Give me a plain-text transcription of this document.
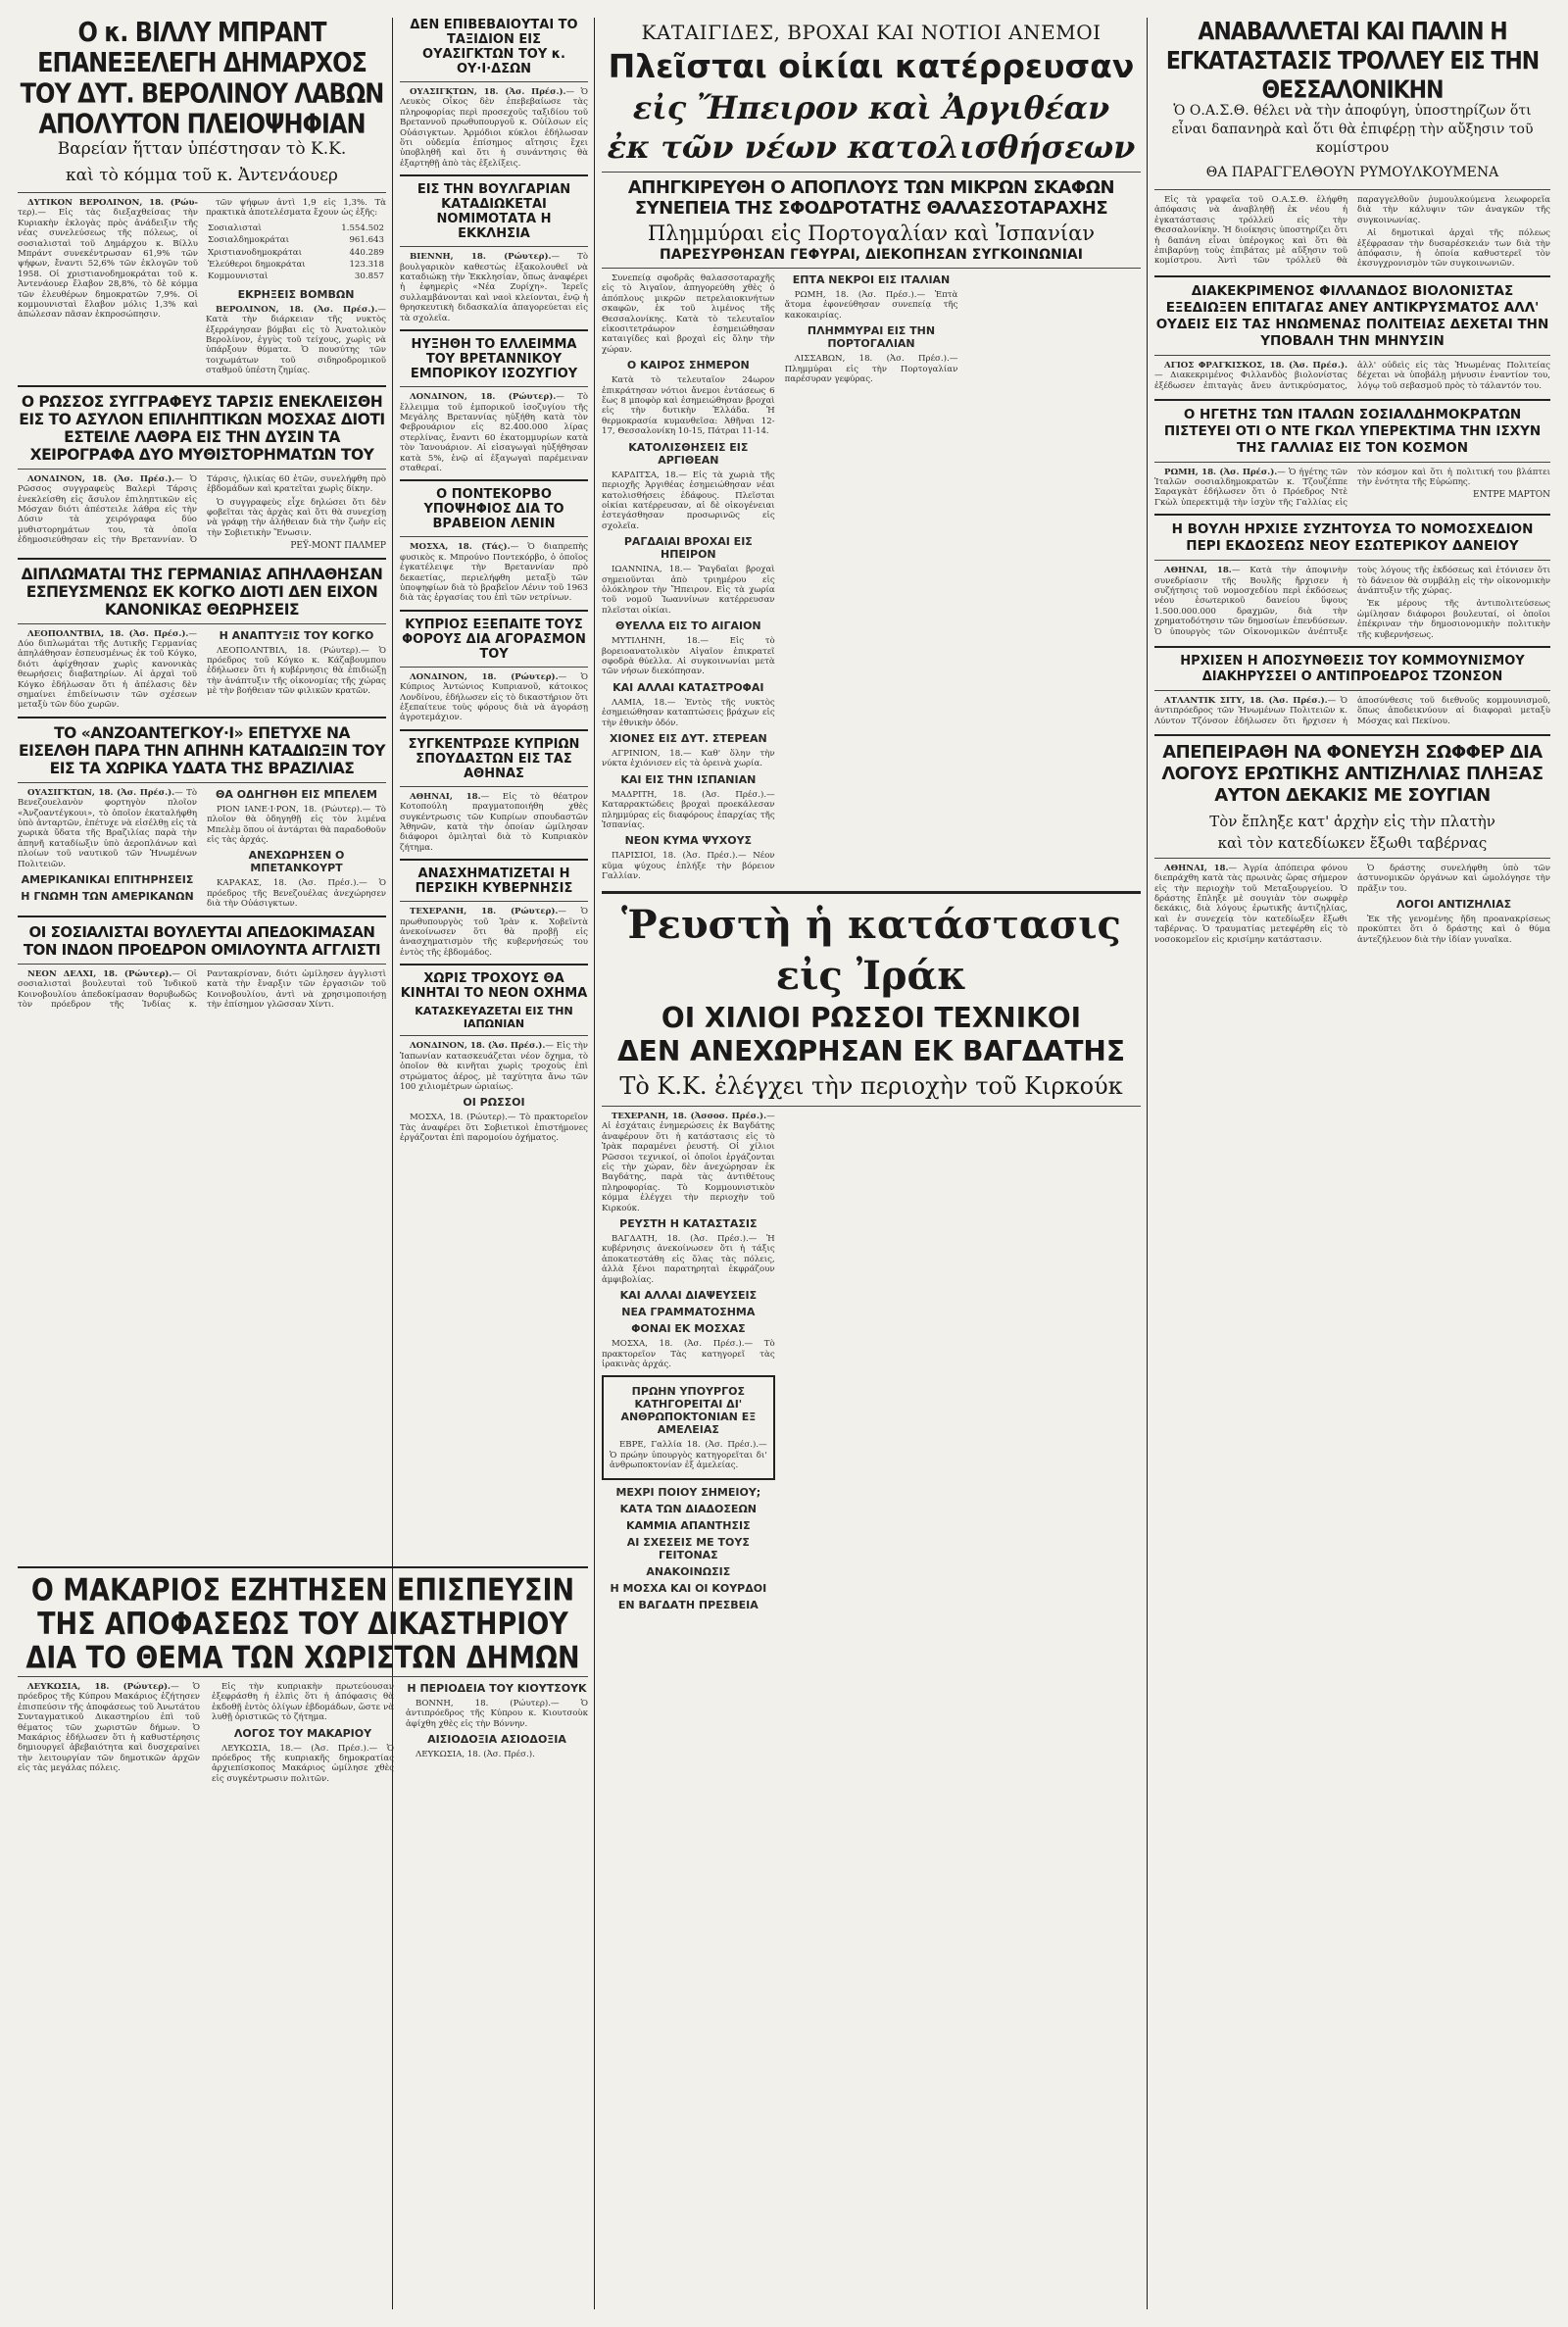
Ο κ. ΒΙΛΛΥ ΜΠΡΑΝΤ ΕΠΑΝΕΞΕΛΕΓΗ ΔΗΜΑΡΧΟΣ ΤΟΥ ΔΥΤ. ΒΕΡΟΛΙΝΟΥ ΛΑΒΩΝ ΑΠΟΛΥΤΟΝ ΠΛΕΙΟΨΗΦΙΑΝ
Βαρείαν ἥτταν ὑπέστησαν τὸ Κ.Κ.
καὶ τὸ κόμμα τοῦ κ. Ἀντενάουερ

ΔΥΤΙΚΟΝ ΒΕΡΟΛΙΝΟΝ, 18. (Ρώυ-τερ).— Εἰς τὰς διεξαχθείσας τὴν Κυριακὴν ἐκλογὰς πρὸς ἀνάδειξιν τῆς νέας συνελεύσεως τῆς πόλεως, οἱ σοσιαλισταὶ τοῦ Δημάρχου κ. Βίλλυ Μπράντ συνεκέντρωσαν 61,9% τῶν ψήφων, ἔναντι 52,6% τῶν ἐκλογῶν τοῦ 1958. Οἱ χριστιανοδημοκράται τοῦ κ. Ἀντενάουερ ἔλαβον 28,8%, τὸ δὲ κόμμα τῶν ἐλευθέρων δημοκρατῶν 7,9%. Οἱ κομμουνισταὶ ἔλαβον μόλις 1,3% καὶ ἀπώλεσαν πᾶσαν ἐκπροσώπησιν.

τῶν ψήφων ἀντὶ 1,9 εἰς 1,3%. Τὰ πρακτικὰ ἀποτελέσματα ἔχουν ὡς ἑξῆς:

Σοσιαλισταὶ	1.554.502
Σοσιαλδημοκράται	961.643
Χριστιανοδημοκράται	440.289
Ἐλεύθεροι δημοκράται	123.318
Κομμουνισταὶ	30.857
ΕΚΡΗΞΕΙΣ ΒΟΜΒΩΝ

ΒΕΡΟΛΙΝΟΝ, 18. (Ἀσ. Πρέσ.).— Κατὰ τὴν διάρκειαν τῆς νυκτὸς ἐξερράγησαν βόμβαι εἰς τὸ Ἀνατολικὸν Βερολίνον, ἐγγὺς τοῦ τείχους, χωρὶς νὰ ὑπάρξουν θύματα. Ὁ πουσύτης τῶν τοιχωμάτων τοῦ σιδηροδρομικοῦ σταθμοῦ ὑπέστη ζημίας.

Ο ΡΩΣΣΟΣ ΣΥΓΓΡΑΦΕΥΣ ΤΑΡΣΙΣ ΕΝΕΚΛΕΙΣΘΗ ΕΙΣ ΤΟ ΑΣΥΛΟΝ ΕΠΙΛΗΠΤΙΚΩΝ ΜΟΣΧΑΣ ΔΙΟΤΙ ΕΣΤΕΙΛΕ ΛΑΘΡΑ ΕΙΣ ΤΗΝ ΔΥΣΙΝ ΤΑ ΧΕΙΡΟΓΡΑΦΑ ΔΥΟ ΜΥΘΙΣΤΟΡΗΜΑΤΩΝ ΤΟΥ

ΛΟΝΔΙΝΟΝ, 18. (Ἀσ. Πρέσ.).— Ὁ Ρῶσσος συγγραφεὺς Βαλερὶ Τάρσις ἐνεκλείσθη εἰς ἄσυλον ἐπιληπτικῶν εἰς Μόσχαν διότι ἀπέστειλε λάθρα εἰς τὴν Δύσιν τὰ χειρόγραφα δύο μυθιστορημάτων του, τὰ ὁποῖα ἐδημοσιεύθησαν εἰς τὴν Βρεταννίαν. Ὁ Τάρσις, ἡλικίας 60 ἐτῶν, συνελήφθη πρὸ ἑβδομάδων καὶ κρατεῖται χωρὶς δίκην.

Ὁ συγγραφεὺς εἶχε δηλώσει ὅτι δὲν φοβεῖται τὰς ἀρχὰς καὶ ὅτι θὰ συνεχίσῃ νὰ γράφῃ τὴν ἀλήθειαν διὰ τὴν ζωὴν εἰς τὴν Σοβιετικὴν Ἕνωσιν.

ΡΕΫ-ΜΟΝΤ ΠΑΛΜΕΡ
ΔΙΠΛΩΜΑΤΑΙ ΤΗΣ ΓΕΡΜΑΝΙΑΣ ΑΠΗΛΑΘΗΣΑΝ ΕΣΠΕΥΣΜΕΝΩΣ ΕΚ ΚΟΓΚΟ ΔΙΟΤΙ ΔΕΝ ΕΙΧΟΝ ΚΑΝΟΝΙΚΑΣ ΘΕΩΡΗΣΕΙΣ

ΛΕΟΠΟΛΝΤΒΙΛ, 18. (Ἀσ. Πρέσ.).— Δύο διπλωμάται τῆς Δυτικῆς Γερμανίας ἀπηλάθησαν ἐσπευσμένως ἐκ τοῦ Κόγκο, διότι ἀφίχθησαν χωρὶς κανονικὰς θεωρήσεις διαβατηρίων. Αἱ ἀρχαὶ τοῦ Κόγκο ἐδήλωσαν ὅτι ἡ ἀπέλασις δὲν σημαίνει ἐπιδείνωσιν τῶν σχέσεων μεταξὺ τῶν δύο χωρῶν.

Η ΑΝΑΠΤΥΞΙΣ ΤΟΥ ΚΟΓΚΟ

ΛΕΟΠΟΛΝΤΒΙΛ, 18. (Ρώυτερ).— Ὁ πρόεδρος τοῦ Κόγκο κ. Κάζαβουμπου ἐδήλωσεν ὅτι ἡ κυβέρνησις θὰ ἐπιδιώξῃ τὴν ἀνάπτυξιν τῆς οἰκονομίας τῆς χώρας μὲ τὴν βοήθειαν τῶν φιλικῶν κρατῶν.

ΤΟ «ΑΝΖΟΑΝΤΕΓΚΟΥ·Ι» ΕΠΕΤΥΧΕ ΝΑ ΕΙΣΕΛΘΗ ΠΑΡΑ ΤΗΝ ΑΠΗΝΗ ΚΑΤΑΔΙΩΞΙΝ ΤΟΥ ΕΙΣ ΤΑ ΧΩΡΙΚΑ ΥΔΑΤΑ ΤΗΣ ΒΡΑΖΙΛΙΑΣ

ΟΥΑΣΙΓΚΤΩΝ, 18. (Ἀσ. Πρέσ.).— Τὸ Βενεζουελανὸν φορτηγὸν πλοῖον «Ἀνζοαντέγκουι», τὸ ὁποῖον ἐκαταλήφθη ὑπὸ ἀνταρτῶν, ἐπέτυχε νὰ εἰσέλθῃ εἰς τὰ χωρικὰ ὕδατα τῆς Βραζιλίας παρὰ τὴν ἀπηνῆ καταδίωξιν ὑπὸ ἀεροπλάνων καὶ πλοίων τοῦ ναυτικοῦ τῶν Ἡνωμένων Πολιτειῶν.

ΑΜΕΡΙΚΑΝΙΚΑΙ ΕΠΙΤΗΡΗΣΕΙΣ
Η ΓΝΩΜΗ ΤΩΝ ΑΜΕΡΙΚΑΝΩΝ
ΘΑ ΟΔΗΓΗΘΗ ΕΙΣ ΜΠΕΛΕΜ

ΡΙΟΝ ΙΑΝΕ·Ι·ΡΟΝ, 18. (Ρώυτερ).— Τὸ πλοῖον θὰ ὁδηγηθῇ εἰς τὸν λιμένα Μπελὲμ ὅπου οἱ ἀντάρται θὰ παραδοθοῦν εἰς τὰς ἀρχάς.

ΑΝΕΧΩΡΗΣΕΝ Ο ΜΠΕΤΑΝΚΟΥΡΤ

ΚΑΡΑΚΑΣ, 18. (Ἀσ. Πρέσ.).— Ὁ πρόεδρος τῆς Βενεζουέλας ἀνεχώρησεν διὰ τὴν Οὐάσιγκτων.

ΟΙ ΣΟΣΙΑΛΙΣΤΑΙ ΒΟΥΛΕΥΤΑΙ ΑΠΕΔΟΚΙΜΑΣΑΝ ΤΟΝ ΙΝΔΟΝ ΠΡΟΕΔΡΟΝ ΟΜΙΛΟΥΝΤΑ ΑΓΓΛΙΣΤΙ

ΝΕΟΝ ΔΕΛΧΙ, 18. (Ρώυτερ).— Οἱ σοσιαλισταὶ βουλευταὶ τοῦ Ἰνδικοῦ Κοινοβουλίου ἀπεδοκίμασαν θορυβωδῶς τὸν πρόεδρον τῆς Ἰνδίας κ. Ραντακρίσναν, διότι ὡμίλησεν ἀγγλιστὶ κατὰ τὴν ἔναρξιν τῶν ἐργασιῶν τοῦ Κοινοβουλίου, ἀντὶ νὰ χρησιμοποιήσῃ τὴν ἐπίσημον γλῶσσαν Χίντι.

ΔΕΝ ΕΠΙΒΕΒΑΙΟΥΤΑΙ ΤΟ ΤΑΞΙΔΙΟΝ ΕΙΣ ΟΥΑΣΙΓΚΤΩΝ ΤΟΥ κ. ΟΥ·Ι·ΔΣΩΝ

ΟΥΑΣΙΓΚΤΩΝ, 18. (Ἀσ. Πρέσ.).— Ὁ Λευκὸς Οἶκος δὲν ἐπεβεβαίωσε τὰς πληροφορίας περὶ προσεχοῦς ταξιδίου τοῦ Βρεταννοῦ πρωθυπουργοῦ κ. Οὐίλσων εἰς Οὐάσιγκτων. Ἀρμόδιοι κύκλοι ἐδήλωσαν ὅτι οὐδεμία ἐπίσημος αἴτησις ἔχει ὑποβληθῆ καὶ ὅτι ἡ συνάντησις θὰ ἐξαρτηθῇ ἀπὸ τὰς ἐξελίξεις.

ΕΙΣ ΤΗΝ ΒΟΥΛΓΑΡΙΑΝ ΚΑΤΑΔΙΩΚΕΤΑΙ ΝΟΜΙΜΟΤΑΤΑ Η ΕΚΚΛΗΣΙΑ

ΒΙΕΝΝΗ, 18. (Ρώυτερ).— Τὸ βουλγαρικὸν καθεστὼς ἐξακολουθεῖ νὰ καταδιώκῃ τὴν Ἐκκλησίαν, ὅπως ἀναφέρει ἡ ἐφημερὶς «Νέα Ζυρίχη». Ἱερεῖς συλλαμβάνονται καὶ ναοὶ κλείονται, ἐνῷ ἡ θρησκευτικὴ διδασκαλία ἀπαγορεύεται εἰς τὰ σχολεῖα.

ΗΥΞΗΘΗ ΤΟ ΕΛΛΕΙΜΜΑ ΤΟΥ ΒΡΕΤΑΝΝΙΚΟΥ ΕΜΠΟΡΙΚΟΥ ΙΣΟΖΥΓΙΟΥ

ΛΟΝΔΙΝΟΝ, 18. (Ρώυτερ).— Τὸ ἔλλειμμα τοῦ ἐμπορικοῦ ἰσοζυγίου τῆς Μεγάλης Βρεταννίας ηὐξήθη κατὰ τὸν Φεβρουάριον εἰς 82.400.000 λίρας στερλίνας, ἔναντι 60 ἑκατομμυρίων κατὰ τὸν Ἰανουάριον. Αἱ εἰσαγωγαὶ ηὐξήθησαν κατὰ 5%, ἐνῷ αἱ ἐξαγωγαὶ παρέμειναν σταθεραί.

Ο ΠΟΝΤΕΚΟΡΒΟ ΥΠΟΨΗΦΙΟΣ ΔΙΑ ΤΟ ΒΡΑΒΕΙΟΝ ΛΕΝΙΝ

ΜΟΣΧΑ, 18. (Τάς).— Ὁ διαπρεπὴς φυσικὸς κ. Μπρούνο Ποντεκόρβο, ὁ ὁποῖος ἐγκατέλειψε τὴν Βρεταννίαν πρὸ δεκαετίας, περιελήφθη μεταξὺ τῶν ὑποψηφίων διὰ τὸ βραβεῖον Λένιν τοῦ 1963 διὰ τὰς ἐργασίας του ἐπὶ τῶν νετρίνων.

ΚΥΠΡΙΟΣ ΕΞΕΠΑΙΤΕ ΤΟΥΣ ΦΟΡΟΥΣ ΔΙΑ ΑΓΟΡΑΣΜΟΝ ΤΟΥ

ΛΟΝΔΙΝΟΝ, 18. (Ρώυτερ).— Ὁ Κύπριος Ἀντώνιος Κυπριανοῦ, κάτοικος Λονδίνου, ἐδήλωσεν εἰς τὸ δικαστήριον ὅτι ἐξεπαίτευε τοὺς φόρους διὰ νὰ ἀγοράσῃ ἀγροτεμάχιον.

ΣΥΓΚΕΝΤΡΩΣΕ ΚΥΠΡΙΩΝ ΣΠΟΥΔΑΣΤΩΝ ΕΙΣ ΤΑΣ ΑΘΗΝΑΣ

ΑΘΗΝΑΙ, 18.— Εἰς τὸ θέατρον Κοτοπούλη πραγματοποιήθη χθὲς συγκέντρωσις τῶν Κυπρίων σπουδαστῶν Ἀθηνῶν, κατὰ τὴν ὁποίαν ὡμίλησαν διάφοροι ὁμιληταὶ διὰ τὸ Κυπριακὸν ζήτημα.

ΑΝΑΣΧΗΜΑΤΙΖΕΤΑΙ Η ΠΕΡΣΙΚΗ ΚΥΒΕΡΝΗΣΙΣ

ΤΕΧΕΡΑΝΗ, 18. (Ρώυτερ).— Ὁ πρωθυπουργὸς τοῦ Ἰρὰν κ. Χοβεϊντὰ ἀνεκοίνωσεν ὅτι θὰ προβῇ εἰς ἀνασχηματισμὸν τῆς κυβερνήσεώς του ἐντὸς τῆς ἑβδομάδος.

ΧΩΡΙΣ ΤΡΟΧΟΥΣ ΘΑ ΚΙΝΗΤΑΙ ΤΟ ΝΕΟΝ ΟΧΗΜΑ
ΚΑΤΑΣΚΕΥΑΖΕΤΑΙ ΕΙΣ ΤΗΝ ΙΑΠΩΝΙΑΝ

ΛΟΝΔΙΝΟΝ, 18. (Ἀσ. Πρέσ.).— Εἰς τὴν Ἰαπωνίαν κατασκευάζεται νέον ὄχημα, τὸ ὁποῖον θὰ κινῆται χωρὶς τροχοὺς ἐπὶ στρώματος ἀέρος, μὲ ταχύτητα ἄνω τῶν 100 χιλιομέτρων ὡριαίως.

ΟΙ ΡΩΣΣΟΙ

ΜΟΣΧΑ, 18. (Ρώυτερ).— Τὸ πρακτορεῖον Τὰς ἀναφέρει ὅτι Σοβιετικοὶ ἐπιστήμονες ἐργάζονται ἐπὶ παρομοίου ὀχήματος.

Ο ΜΑΚΑΡΙΟΣ ΕΖΗΤΗΣΕΝ ΕΠΙΣΠΕΥΣΙΝ ΤΗΣ ΑΠΟΦΑΣΕΩΣ ΤΟΥ ΔΙΚΑΣΤΗΡΙΟΥ ΔΙΑ ΤΟ ΘΕΜΑ ΤΩΝ ΧΩΡΙΣΤΩΝ ΔΗΜΩΝ

ΛΕΥΚΩΣΙΑ, 18. (Ρώυτερ).— Ὁ πρόεδρος τῆς Κύπρου Μακάριος ἐζήτησεν ἐπισπεύσιν τῆς ἀποφάσεως τοῦ Ἀνωτάτου Συνταγματικοῦ Δικαστηρίου ἐπὶ τοῦ θέματος τῶν χωριστῶν δήμων. Ὁ Μακάριος ἐδήλωσεν ὅτι ἡ καθυστέρησις δημιουργεῖ ἀβεβαιότητα καὶ δυσχεραίνει τὴν λειτουργίαν τῶν δημοτικῶν ἀρχῶν εἰς τὰς μεγάλας πόλεις.

Εἰς τὴν κυπριακὴν πρωτεύουσαν ἐξεφράσθη ἡ ἐλπὶς ὅτι ἡ ἀπόφασις θὰ ἐκδοθῇ ἐντὸς ὀλίγων ἑβδομάδων, ὥστε νὰ λυθῇ ὁριστικῶς τὸ ζήτημα.

ΛΟΓΟΣ ΤΟΥ ΜΑΚΑΡΙΟΥ

ΛΕΥΚΩΣΙΑ, 18.— (Ἀσ. Πρέσ.).— Ὁ πρόεδρος τῆς κυπριακῆς δημοκρατίας ἀρχιεπίσκοπος Μακάριος ὡμίλησε χθὲς εἰς συγκέντρωσιν πολιτῶν.

Η ΠΕΡΙΟΔΕΙΑ ΤΟΥ ΚΙΟΥΤΣΟΥΚ

ΒΟΝΝΗ, 18. (Ρώυτερ).— Ὁ ἀντιπρόεδρος τῆς Κύπρου κ. Κιουτσοὺκ ἀφίχθη χθὲς εἰς τὴν Βόννην.

ΑΙΣΙΟΔΟΞΙΑ ΑΣΙΟΔΟΞΙΑ

ΛΕΥΚΩΣΙΑ, 18. (Ἀσ. Πρέσ.).

ΚΑΤΑΙΓΙΔΕΣ, ΒΡΟΧΑΙ ΚΑΙ ΝΟΤΙΟΙ ΑΝΕΜΟΙ
Πλεῖσται οἰκίαι κατέρρευσαν
εἰς Ἤπειρον καὶ Ἀργιθέαν
ἐκ τῶν νέων κατολισθήσεων
ΑΠΗΓΚΙΡΕΥΘΗ Ο ΑΠΟΠΛΟΥΣ ΤΩΝ ΜΙΚΡΩΝ ΣΚΑΦΩΝ ΣΥΝΕΠΕΙΑ ΤΗΣ ΣΦΟΔΡΟΤΑΤΗΣ ΘΑΛΑΣΣΟΤΑΡΑΧΗΣ
Πλημμύραι εἰς Πορτογαλίαν καὶ Ἰσπανίαν
ΠΑΡΕΣΥΡΘΗΣΑΝ ΓΕΦΥΡΑΙ, ΔΙΕΚΟΠΗΣΑΝ ΣΥΓΚΟΙΝΩΝΙΑΙ

Συνεπείᾳ σφοδρᾶς θαλασσοταραχῆς εἰς τὸ Ἀιγαῖον, ἀπηγορεύθη χθὲς ὁ ἀπόπλους μικρῶν πετρελαιοκινήτων σκαφῶν, ἐκ τοῦ λιμένος τῆς Θεσσαλονίκης. Κατὰ τὸ τελευταῖον εἰκοσιτετράωρον ἐσημειώθησαν καταιγίδες καὶ βροχαὶ εἰς ὅλην τὴν χώραν.

Ο ΚΑΙΡΟΣ ΣΗΜΕΡΟΝ

Κατὰ τὸ τελευταῖον 24ωρον ἐπικράτησαν νότιοι ἄνεμοι ἐντάσεως 6 ἕως 8 μποφὸρ καὶ ἐσημειώθησαν βροχαὶ εἰς τὴν δυτικὴν Ἑλλάδα. Ἡ θερμοκρασία κυμανθεῖσα: Ἀθῆναι 12-17, Θεσσαλονίκη 10-15, Πάτραι 11-14.

ΚΑΤΟΛΙΣΘΗΣΕΙΣ ΕΙΣ ΑΡΓΙΘΕΑΝ

ΚΑΡΔΙΤΣΑ, 18.— Εἰς τὰ χωριὰ τῆς περιοχῆς Ἀργιθέας ἐσημειώθησαν νέαι κατολισθήσεις ἐδάφους. Πλεῖσται οἰκίαι κατέρρευσαν, αἱ δὲ οἰκογένειαι ἐστεγάσθησαν προσωρινῶς εἰς σχολεῖα.

ΡΑΓΔΑΙΑΙ ΒΡΟΧΑΙ ΕΙΣ ΗΠΕΙΡΟΝ

ΙΩΑΝΝΙΝΑ, 18.— Ῥαγδαῖαι βροχαὶ σημειοῦνται ἀπὸ τριημέρου εἰς ὁλόκληρον τὴν Ἤπειρον. Εἰς τὰ χωρία τοῦ νομοῦ Ἰωαννίνων κατέρρευσαν πλεῖσται οἰκίαι.

ΘΥΕΛΛΑ ΕΙΣ ΤΟ ΑΙΓΑΙΟΝ

ΜΥΤΙΛΗΝΗ, 18.— Εἰς τὸ βορειοανατολικὸν Αἰγαῖον ἐπικρατεῖ σφοδρὰ θύελλα. Αἱ συγκοινωνίαι μετὰ τῶν νήσων διεκόπησαν.

ΚΑΙ ΑΛΛΑΙ ΚΑΤΑΣΤΡΟΦΑΙ

ΛΑΜΙΑ, 18.— Ἐντὸς τῆς νυκτὸς ἐσημειώθησαν καταπτώσεις βράχων εἰς τὴν ἐθνικὴν ὁδόν.

ΧΙΟΝΕΣ ΕΙΣ ΔΥΤ. ΣΤΕΡΕΑΝ

ΑΓΡΙΝΙΟΝ, 18.— Καθ' ὅλην τὴν νύκτα ἐχιόνισεν εἰς τὰ ὀρεινὰ χωρία.

ΚΑΙ ΕΙΣ ΤΗΝ ΙΣΠΑΝΙΑΝ

ΜΑΔΡΙΤΗ, 18. (Ἀσ. Πρέσ.).— Καταρρακτώδεις βροχαὶ προεκάλεσαν πλημμύρας εἰς διαφόρους ἐπαρχίας τῆς Ἰσπανίας.

ΝΕΟΝ ΚΥΜΑ ΨΥΧΟΥΣ

ΠΑΡΙΣΙΟΙ, 18. (Ἀσ. Πρέσ.).— Νέον κῦμα ψύχους ἐπλήξε τὴν βόρειον Γαλλίαν.

ΕΠΤΑ ΝΕΚΡΟΙ ΕΙΣ ΙΤΑΛΙΑΝ

ΡΩΜΗ, 18. (Ἀσ. Πρέσ.).— Ἑπτὰ ἄτομα ἐφονεύθησαν συνεπείᾳ τῆς κακοκαιρίας.

ΠΛΗΜΜΥΡΑΙ ΕΙΣ ΤΗΝ ΠΟΡΤΟΓΑΛΙΑΝ

ΛΙΣΣΑΒΩΝ, 18. (Ἀσ. Πρέσ.).— Πλημμύραι εἰς τὴν Πορτογαλίαν παρέσυραν γεφύρας.

Ῥευστὴ ἡ κατάστασις εἰς Ἰράκ
ΟΙ ΧΙΛΙΟΙ ΡΩΣΣΟΙ ΤΕΧΝΙΚΟΙ
ΔΕΝ ΑΝΕΧΩΡΗΣΑΝ ΕΚ ΒΑΓΔΑΤΗΣ
Τὸ Κ.Κ. ἐλέγχει τὴν περιοχὴν τοῦ Κιρκούκ

ΤΕΧΕΡΑΝΗ, 18. (Ἀσσοσ. Πρέσ.).— Αἱ ἐσχάταις ἐνημερώσεις ἐκ Βαγδάτης ἀναφέρουν ὅτι ἡ κατάστασις εἰς τὸ Ἰρὰκ παραμένει ῥευστή. Οἱ χίλιοι Ρῶσσοι τεχνικοί, οἱ ὁποῖοι ἐργάζονται εἰς τὴν χώραν, δὲν ἀνεχώρησαν ἐκ Βαγδάτης, παρὰ τὰς ἀντιθέτους πληροφορίας. Τὸ Κομμουνιστικὸν κόμμα ἐλέγχει τὴν περιοχὴν τοῦ Κιρκούκ.

ΡΕΥΣΤΗ Η ΚΑΤΑΣΤΑΣΙΣ

ΒΑΓΔΑΤΗ, 18. (Ἀσ. Πρέσ.).— Ἡ κυβέρνησις ἀνεκοίνωσεν ὅτι ἡ τάξις ἀποκατεστάθη εἰς ὅλας τὰς πόλεις, ἀλλὰ ξένοι παρατηρηταὶ ἐκφράζουν ἀμφιβολίας.

ΚΑΙ ΑΛΛΑΙ ΔΙΑΨΕΥΣΕΙΣ
ΝΕΑ ΓΡΑΜΜΑΤΟΣΗΜΑ
ΦΟΝΑΙ ΕΚ ΜΟΣΧΑΣ

ΜΟΣΧΑ, 18. (Ἀσ. Πρέσ.).— Τὸ πρακτορεῖον Τὰς κατηγορεῖ τὰς ἰρακινὰς ἀρχάς.

ΠΡΩΗΝ ΥΠΟΥΡΓΟΣ ΚΑΤΗΓΟΡΕΙΤΑΙ ΔΙ' ΑΝΘΡΩΠΟΚΤΟΝΙΑΝ ΕΞ ΑΜΕΛΕΙΑΣ

ΕΒΡΕ, Γαλλία 18. (Ἀσ. Πρέσ.).— Ὁ πρώην ὑπουργὸς κατηγορεῖται δι' ἀνθρωποκτονίαν ἐξ ἀμελείας.

ΜΕΧΡΙ ΠΟΙΟΥ ΣΗΜΕΙΟΥ;
ΚΑΤΑ ΤΩΝ ΔΙΑΔΟΣΕΩΝ
ΚΑΜΜΙΑ ΑΠΑΝΤΗΣΙΣ
ΑΙ ΣΧΕΣΕΙΣ ΜΕ ΤΟΥΣ ΓΕΙΤΟΝΑΣ
ΑΝΑΚΟΙΝΩΣΙΣ
Η ΜΟΣΧΑ ΚΑΙ ΟΙ ΚΟΥΡΔΟΙ
ΕΝ ΒΑΓΔΑΤΗ ΠΡΕΣΒΕΙΑ
ΑΝΑΒΑΛΛΕΤΑΙ ΚΑΙ ΠΑΛΙΝ Η ΕΓΚΑΤΑΣΤΑΣΙΣ ΤΡΟΛΛΕΥ ΕΙΣ ΤΗΝ ΘΕΣΣΑΛΟΝΙΚΗΝ
Ὁ Ο.Α.Σ.Θ. θέλει νὰ τὴν ἀποφύγη, ὑποστηρίζων ὅτι εἶναι δαπανηρὰ καὶ ὅτι θὰ ἐπιφέρῃ τὴν αὔξησιν τοῦ κομίστρου
ΘΑ ΠΑΡΑΓΓΕΛΘΟΥΝ ΡΥΜΟΥΛΚΟΥΜΕΝΑ

Εἰς τὰ γραφεῖα τοῦ Ο.Α.Σ.Θ. ἐλήφθη ἀπόφασις νὰ ἀναβληθῇ ἐκ νέου ἡ ἐγκατάστασις τρόλλεϋ εἰς τὴν Θεσσαλονίκην. Ἡ διοίκησις ὑποστηρίζει ὅτι ἡ δαπάνη εἶναι ὑπέρογκος καὶ ὅτι θὰ ἐπιβαρύνῃ τοὺς ἐπιβάτας μὲ αὔξησιν τοῦ κομίστρου. Ἀντὶ τῶν τρόλλεϋ θὰ παραγγελθοῦν ῥυμουλκούμενα λεωφορεῖα διὰ τὴν κάλυψιν τῶν ἀναγκῶν τῆς συγκοινωνίας.

Αἱ δημοτικαὶ ἀρχαὶ τῆς πόλεως ἐξέφρασαν τὴν δυσαρέσκειάν των διὰ τὴν ἀπόφασιν, ἡ ὁποία καθυστερεῖ τὸν ἐκσυγχρονισμὸν τῶν συγκοινωνιῶν.

ΔΙΑΚΕΚΡΙΜΕΝΟΣ ΦΙΛΛΑΝΔΟΣ ΒΙΟΛΟΝΙΣΤΑΣ ΕΞΕΔΙΩΞΕΝ ΕΠΙΤΑΓΑΣ ΑΝΕΥ ΑΝΤΙΚΡΥΣΜΑΤΟΣ ΑΛΛ' ΟΥΔΕΙΣ ΕΙΣ ΤΑΣ ΗΝΩΜΕΝΑΣ ΠΟΛΙΤΕΙΑΣ ΔΕΧΕΤΑΙ ΤΗΝ ΥΠΟΒΑΛΗ ΤΗΝ ΜΗΝΥΣΙΝ

ΑΓΙΟΣ ΦΡΑΓΚΙΣΚΟΣ, 18. (Ἀσ. Πρέσ.).— Διακεκριμένος Φιλλανδὸς βιολονίστας ἐξέδωσεν ἐπιταγὰς ἄνευ ἀντικρύσματος, ἀλλ' οὐδεὶς εἰς τὰς Ἡνωμένας Πολιτείας δέχεται νὰ ὑποβάλῃ μήνυσιν ἐναντίον του, λόγῳ τοῦ σεβασμοῦ πρὸς τὸ τάλαντόν του.

Ο ΗΓΕΤΗΣ ΤΩΝ ΙΤΑΛΩΝ ΣΟΣΙΑΛΔΗΜΟΚΡΑΤΩΝ ΠΙΣΤΕΥΕΙ ΟΤΙ Ο ΝΤΕ ΓΚΩΛ ΥΠΕΡΕΚΤΙΜΑ ΤΗΝ ΙΣΧΥΝ ΤΗΣ ΓΑΛΛΙΑΣ ΕΙΣ ΤΟΝ ΚΟΣΜΟΝ

ΡΩΜΗ, 18. (Ἀσ. Πρέσ.).— Ὁ ἡγέτης τῶν Ἰταλῶν σοσιαλδημοκρατῶν κ. Τζουζέππε Σαραγκὰτ ἐδήλωσεν ὅτι ὁ Πρόεδρος Ντὲ Γκὼλ ὑπερεκτιμᾷ τὴν ἰσχὺν τῆς Γαλλίας εἰς τὸν κόσμον καὶ ὅτι ἡ πολιτική του βλάπτει τὴν ἑνότητα τῆς Εὐρώπης.

ΕΝΤΡΕ ΜΑΡΤΟΝ
Η ΒΟΥΛΗ ΗΡΧΙΣΕ ΣΥΖΗΤΟΥΣΑ ΤΟ ΝΟΜΟΣΧΕΔΙΟΝ ΠΕΡΙ ΕΚΔΟΣΕΩΣ ΝΕΟΥ ΕΣΩΤΕΡΙΚΟΥ ΔΑΝΕΙΟΥ

ΑΘΗΝΑΙ, 18.— Κατὰ τὴν ἀποψινὴν συνεδρίασιν τῆς Βουλῆς ἤρχισεν ἡ συζήτησις τοῦ νομοσχεδίου περὶ ἐκδόσεως νέου ἐσωτερικοῦ δανείου ὕψους 1.500.000.000 δραχμῶν, διὰ τὴν χρηματοδότησιν τῶν δημοσίων ἐπενδύσεων. Ὁ ὑπουργὸς τῶν Οἰκονομικῶν ἀνέπτυξε τοὺς λόγους τῆς ἐκδόσεως καὶ ἐτόνισεν ὅτι τὸ δάνειον θὰ συμβάλῃ εἰς τὴν οἰκονομικὴν ἀνάπτυξιν τῆς χώρας.

Ἐκ μέρους τῆς ἀντιπολιτεύσεως ὡμίλησαν διάφοροι βουλευταί, οἱ ὁποῖοι ἐπέκριναν τὴν δημοσιονομικὴν πολιτικὴν τῆς κυβερνήσεως.

ΗΡΧΙΣΕΝ Η ΑΠΟΣΥΝΘΕΣΙΣ ΤΟΥ ΚΟΜΜΟΥΝΙΣΜΟΥ ΔΙΑΚΗΡΥΣΣΕΙ Ο ΑΝΤΙΠΡΟΕΔΡΟΣ ΤΖΟΝΣΟΝ

ΑΤΛΑΝΤΙΚ ΣΙΤΥ, 18. (Ἀσ. Πρέσ.).— Ὁ ἀντιπρόεδρος τῶν Ἡνωμένων Πολιτειῶν κ. Λύντον Τζόνσον ἐδήλωσεν ὅτι ἤρχισεν ἡ ἀποσύνθεσις τοῦ διεθνοῦς κομμουνισμοῦ, ὅπως ἀποδεικνύουν αἱ διαφοραὶ μεταξὺ Μόσχας καὶ Πεκίνου.

ΑΠΕΠΕΙΡΑΘΗ ΝΑ ΦΟΝΕΥΣΗ ΣΩΦΦΕΡ ΔΙΑ ΛΟΓΟΥΣ ΕΡΩΤΙΚΗΣ ΑΝΤΙΖΗΛΙΑΣ ΠΛΗΞΑΣ ΑΥΤΟΝ ΔΕΚΑΚΙΣ ΜΕ ΣΟΥΓΙΑΝ
Τὸν ἔπληξε κατ' ἀρχὴν εἰς τὴν πλατὴν
καὶ τὸν κατεδίωκεν ἔξωθι ταβέρνας

ΑΘΗΝΑΙ, 18.— Ἀγρία ἀπόπειρα φόνου διεπράχθη κατὰ τὰς πρωινὰς ὥρας σήμερον εἰς τὴν περιοχὴν τοῦ Μεταξουργείου. Ὁ δράστης ἔπληξε μὲ σουγιὰν τὸν σωφφὲρ δεκάκις, διὰ λόγους ἐρωτικῆς ἀντιζηλίας, καὶ ἐν συνεχείᾳ τὸν κατεδίωξεν ἔξωθι ταβέρνας. Ὁ τραυματίας μετεφέρθη εἰς τὸ νοσοκομεῖον εἰς κρισίμην κατάστασιν.

Ὁ δράστης συνελήφθη ὑπὸ τῶν ἀστυνομικῶν ὀργάνων καὶ ὡμολόγησε τὴν πρᾶξιν του.

ΛΟΓΟΙ ΑΝΤΙΖΗΛΙΑΣ

Ἐκ τῆς γενομένης ἤδη προανακρίσεως προκύπτει ὅτι ὁ δράστης καὶ ὁ θύμα ἀντεζήλευον διὰ τὴν ἰδίαν γυναῖκα.
